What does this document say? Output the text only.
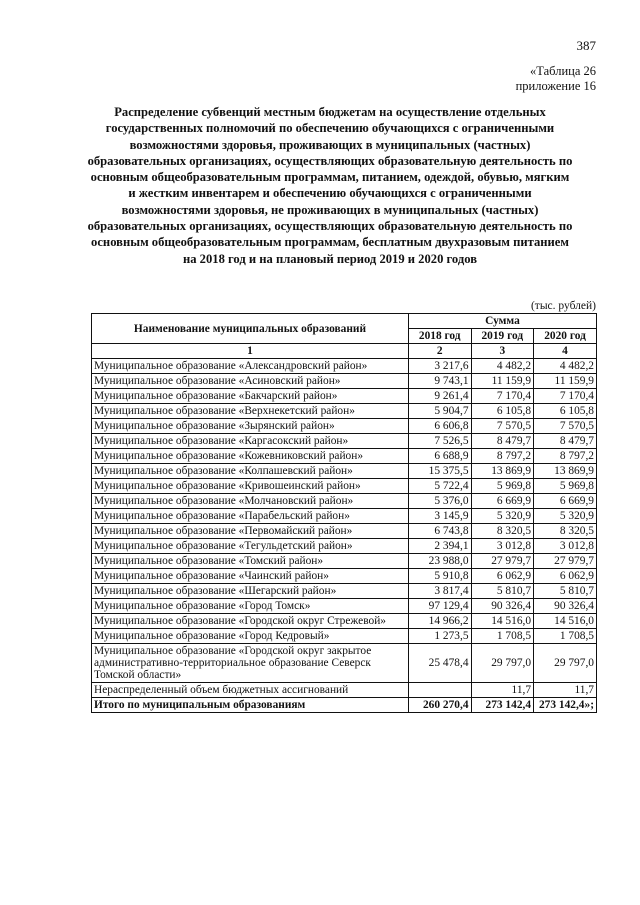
387
«Таблица 26
приложение 16
Распределение субвенций местным бюджетам на осуществление отдельных государственных полномочий по обеспечению обучающихся с ограниченными возможностями здоровья, проживающих в муниципальных (частных) образовательных организациях, осуществляющих образовательную деятельность по основным общеобразовательным программам, питанием, одеждой, обувью, мягким и жестким инвентарем и обеспечению обучающихся с ограниченными возможностями здоровья, не проживающих в муниципальных (частных) образовательных организациях, осуществляющих образовательную деятельность по основным общеобразовательным программам, бесплатным двухразовым питанием на 2018 год и на плановый период 2019 и 2020 годов
(тыс. рублей)
Наименование муниципальных образований	Сумма		
	2018 год	2019 год	2020 год
1	2	3	4
Муниципальное образование «Александровский район»	3 217,6	4 482,2	4 482,2
Муниципальное образование «Асиновский район»	9 743,1	11 159,9	11 159,9
Муниципальное образование «Бакчарский район»	9 261,4	7 170,4	7 170,4
Муниципальное образование «Верхнекетский район»	5 904,7	6 105,8	6 105,8
Муниципальное образование «Зырянский район»	6 606,8	7 570,5	7 570,5
Муниципальное образование «Каргасокский район»	7 526,5	8 479,7	8 479,7
Муниципальное образование «Кожевниковский район»	6 688,9	8 797,2	8 797,2
Муниципальное образование «Колпашевский район»	15 375,5	13 869,9	13 869,9
Муниципальное образование «Кривошеинский район»	5 722,4	5 969,8	5 969,8
Муниципальное образование «Молчановский район»	5 376,0	6 669,9	6 669,9
Муниципальное образование «Парабельский район»	3 145,9	5 320,9	5 320,9
Муниципальное образование «Первомайский район»	6 743,8	8 320,5	8 320,5
Муниципальное образование «Тегульдетский район»	2 394,1	3 012,8	3 012,8
Муниципальное образование «Томский район»	23 988,0	27 979,7	27 979,7
Муниципальное образование «Чаинский район»	5 910,8	6 062,9	6 062,9
Муниципальное образование «Шегарский район»	3 817,4	5 810,7	5 810,7
Муниципальное образование «Город Томск»	97 129,4	90 326,4	90 326,4
Муниципальное образование «Городской округ Стрежевой»	14 966,2	14 516,0	14 516,0
Муниципальное образование «Город Кедровый»	1 273,5	1 708,5	1 708,5
Муниципальное образование «Городской округ закрытое административно-территориальное образование Северск Томской области»	25 478,4	29 797,0	29 797,0
Нераспределенный объем бюджетных ассигнований		11,7	11,7
Итого по муниципальным образованиям	260 270,4	273 142,4	273 142,4»;
